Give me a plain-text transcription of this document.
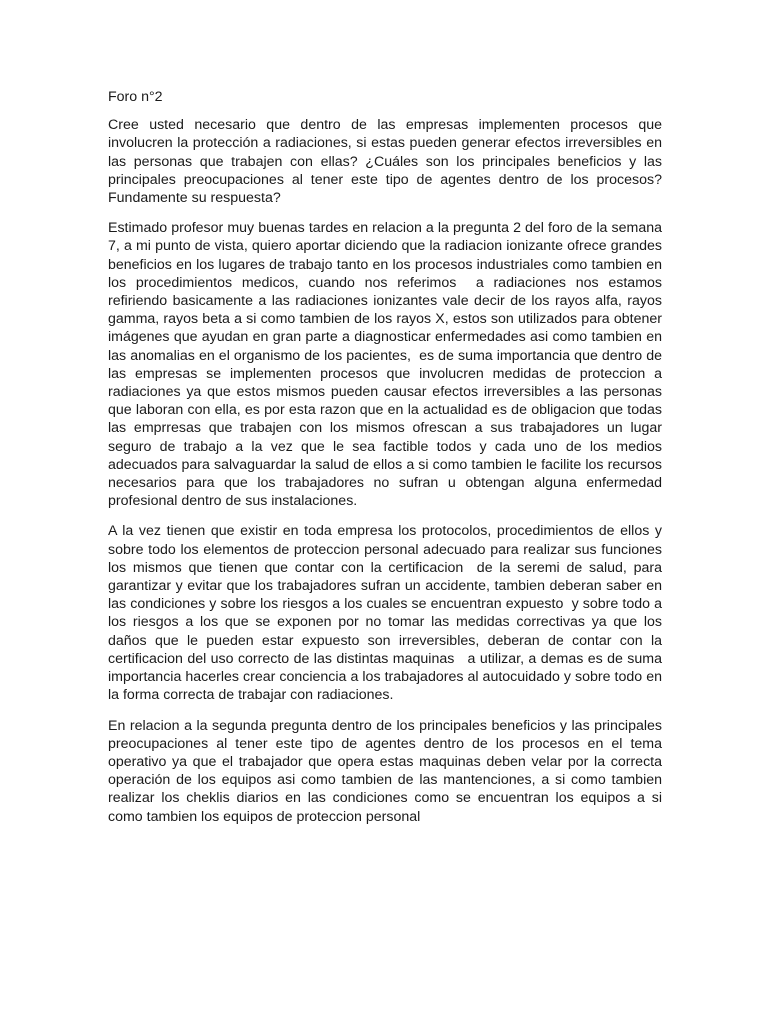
Foro n°2

Cree usted necesario que dentro de las empresas implementen procesos que involucren la protección a radiaciones, si estas pueden generar efectos irreversibles en las personas que trabajen con ellas? ¿Cuáles son los principales beneficios y las principales preocupaciones al tener este tipo de agentes dentro de los procesos? Fundamente su respuesta?

Estimado profesor muy buenas tardes en relacion a la pregunta 2 del foro de la semana 7, a mi punto de vista, quiero aportar diciendo que la radiacion ionizante ofrece grandes beneficios en los lugares de trabajo tanto en los procesos industriales como tambien en los procedimientos medicos, cuando nos referimos  a radiaciones nos estamos refiriendo basicamente a las radiaciones ionizantes vale decir de los rayos alfa, rayos gamma, rayos beta a si como tambien de los rayos X, estos son utilizados para obtener imágenes que ayudan en gran parte a diagnosticar enfermedades asi como tambien en las anomalias en el organismo de los pacientes,  es de suma importancia que dentro de las empresas se implementen procesos que involucren medidas de proteccion a radiaciones ya que estos mismos pueden causar efectos irreversibles a las personas que laboran con ella, es por esta razon que en la actualidad es de obligacion que todas las emprresas que trabajen con los mismos ofrescan a sus trabajadores un lugar seguro de trabajo a la vez que le sea factible todos y cada uno de los medios adecuados para salvaguardar la salud de ellos a si como tambien le facilite los recursos necesarios para que los trabajadores no sufran u obtengan alguna enfermedad profesional dentro de sus instalaciones.

A la vez tienen que existir en toda empresa los protocolos, procedimientos de ellos y sobre todo los elementos de proteccion personal adecuado para realizar sus funciones los mismos que tienen que contar con la certificacion  de la seremi de salud, para garantizar y evitar que los trabajadores sufran un accidente, tambien deberan saber en las condiciones y sobre los riesgos a los cuales se encuentran expuesto  y sobre todo a los riesgos a los que se exponen por no tomar las medidas correctivas ya que los daños que le pueden estar expuesto son irreversibles, deberan de contar con la certificacion del uso correcto de las distintas maquinas   a utilizar, a demas es de suma importancia hacerles crear conciencia a los trabajadores al autocuidado y sobre todo en la forma correcta de trabajar con radiaciones.

En relacion a la segunda pregunta dentro de los principales beneficios y las principales preocupaciones al tener este tipo de agentes dentro de los procesos en el tema operativo ya que el trabajador que opera estas maquinas deben velar por la correcta operación de los equipos asi como tambien de las mantenciones, a si como tambien realizar los cheklis diarios en las condiciones como se encuentran los equipos a si como tambien los equipos de proteccion personal
